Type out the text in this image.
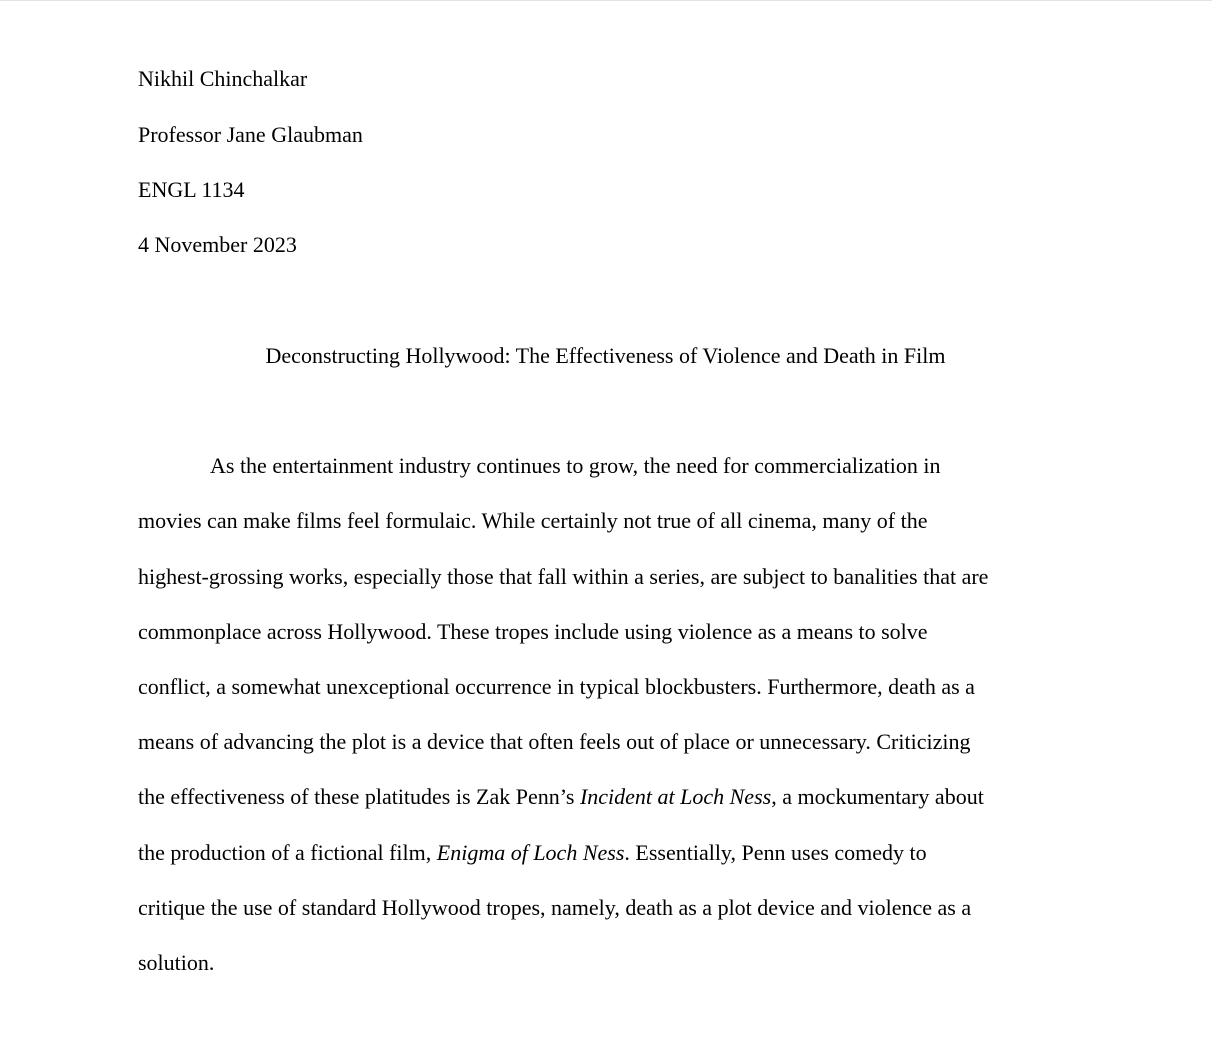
Nikhil Chinchalkar
Professor Jane Glaubman
ENGL 1134
4 November 2023
Deconstructing Hollywood: The Effectiveness of Violence and Death in Film
As the entertainment industry continues to grow, the need for commercialization in
movies can make films feel formulaic. While certainly not true of all cinema, many of the
highest-grossing works, especially those that fall within a series, are subject to banalities that are
commonplace across Hollywood. These tropes include using violence as a means to solve
conflict, a somewhat unexceptional occurrence in typical blockbusters. Furthermore, death as a
means of advancing the plot is a device that often feels out of place or unnecessary. Criticizing
the effectiveness of these platitudes is Zak Penn’s Incident at Loch Ness, a mockumentary about
the production of a fictional film, Enigma of Loch Ness. Essentially, Penn uses comedy to
critique the use of standard Hollywood tropes, namely, death as a plot device and violence as a
solution.
